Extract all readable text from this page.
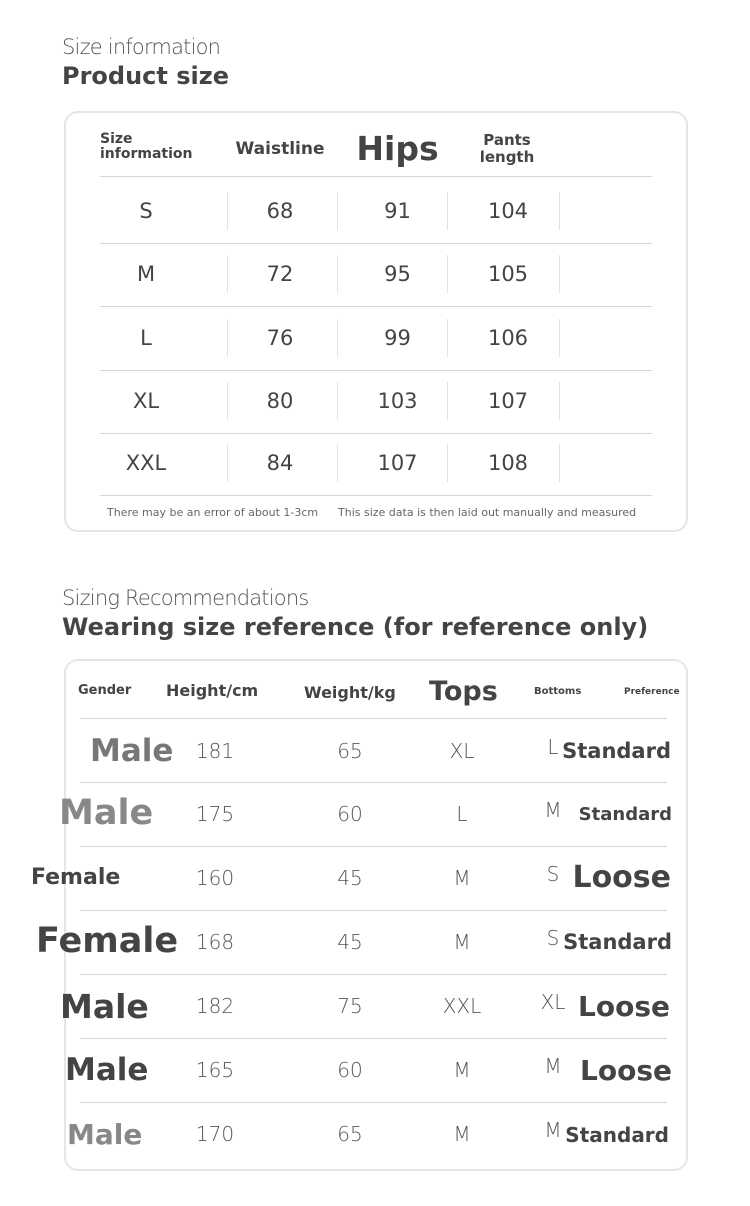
Size information
Product size
Size information	Waistline Hips	Pants length
S	68	91	104
M	72	95	105
L	76	99	106
XL	80	103	107
XXL	84	107	108
There may be an error of about 1-3cm This size data is then laid out manually and measured
Sizing Recommendations
Wearing size reference (for reference only)
Gender Height/cm	Weight/kg Tops	Bottoms	Preference
Male	181	65	XL	L Standard
Male	175	60	L	M Standard
Female	160	45	M	S Loose
Female 168	45	M	S Standard
Male	182	75	XXL	XL Loose
Male	165	60	M	M Loose
Male	170	65	M	M Standard
